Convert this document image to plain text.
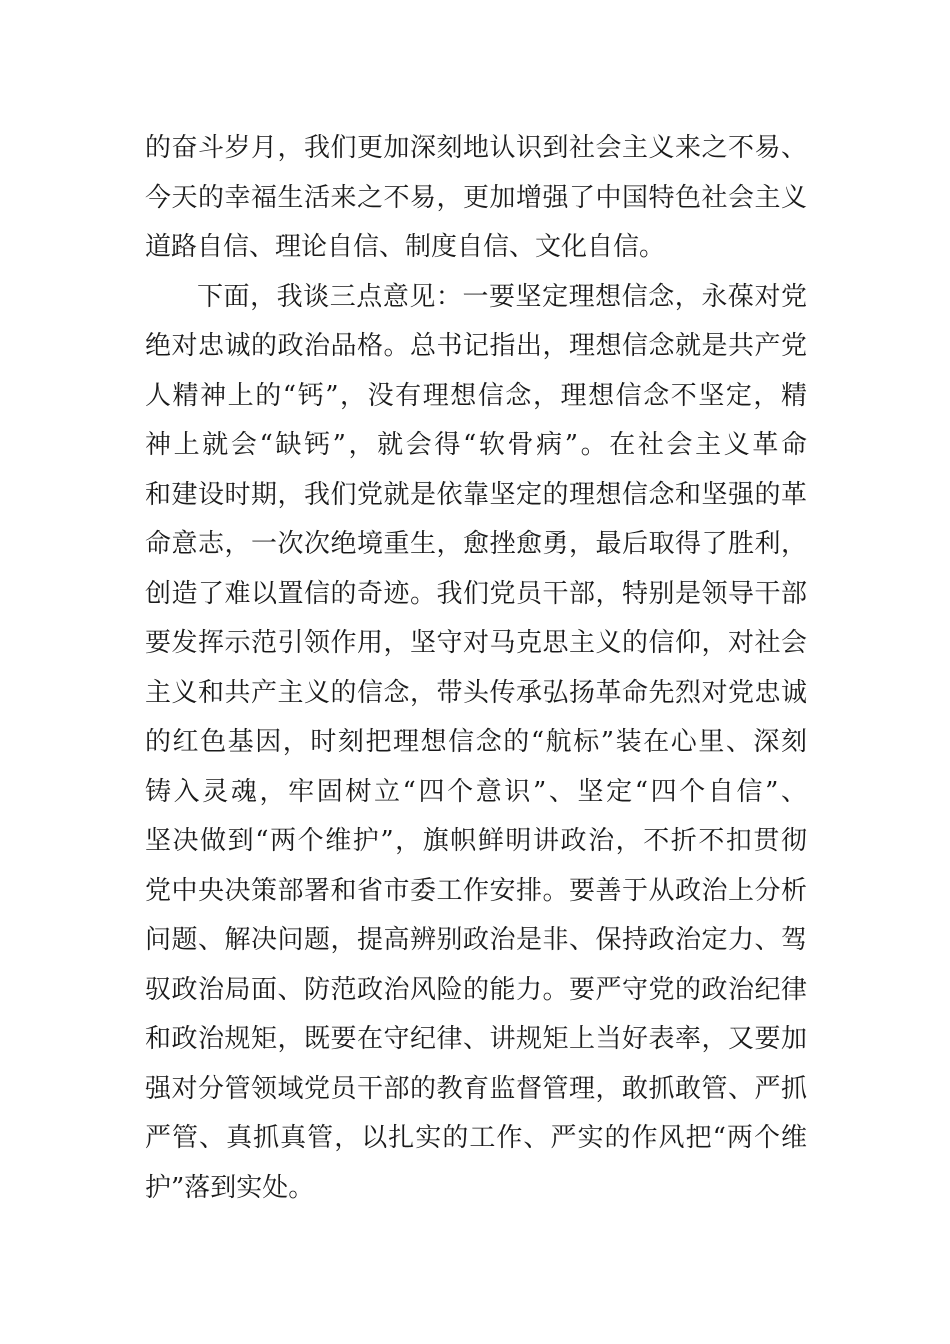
的奋斗岁月，我们更加深刻地认识到社会主义来之不易、
今天的幸福生活来之不易，更加增强了中国特色社会主义
道路自信、理论自信、制度自信、文化自信。
下面，我谈三点意见：一要坚定理想信念，永葆对党
绝对忠诚的政治品格。总书记指出，理想信念就是共产党
人精神上的“钙”，没有理想信念，理想信念不坚定，精
神上就会“缺钙”，就会得“软骨病”。在社会主义革命
和建设时期，我们党就是依靠坚定的理想信念和坚强的革
命意志，一次次绝境重生，愈挫愈勇，最后取得了胜利，
创造了难以置信的奇迹。我们党员干部，特别是领导干部
要发挥示范引领作用，坚守对马克思主义的信仰，对社会
主义和共产主义的信念，带头传承弘扬革命先烈对党忠诚
的红色基因，时刻把理想信念的“航标”装在心里、深刻
铸入灵魂，牢固树立“四个意识”、坚定“四个自信”、
坚决做到“两个维护”，旗帜鲜明讲政治，不折不扣贯彻
党中央决策部署和省市委工作安排。要善于从政治上分析
问题、解决问题，提高辨别政治是非、保持政治定力、驾
驭政治局面、防范政治风险的能力。要严守党的政治纪律
和政治规矩，既要在守纪律、讲规矩上当好表率，又要加
强对分管领域党员干部的教育监督管理，敢抓敢管、严抓
严管、真抓真管，以扎实的工作、严实的作风把“两个维
护”落到实处。
